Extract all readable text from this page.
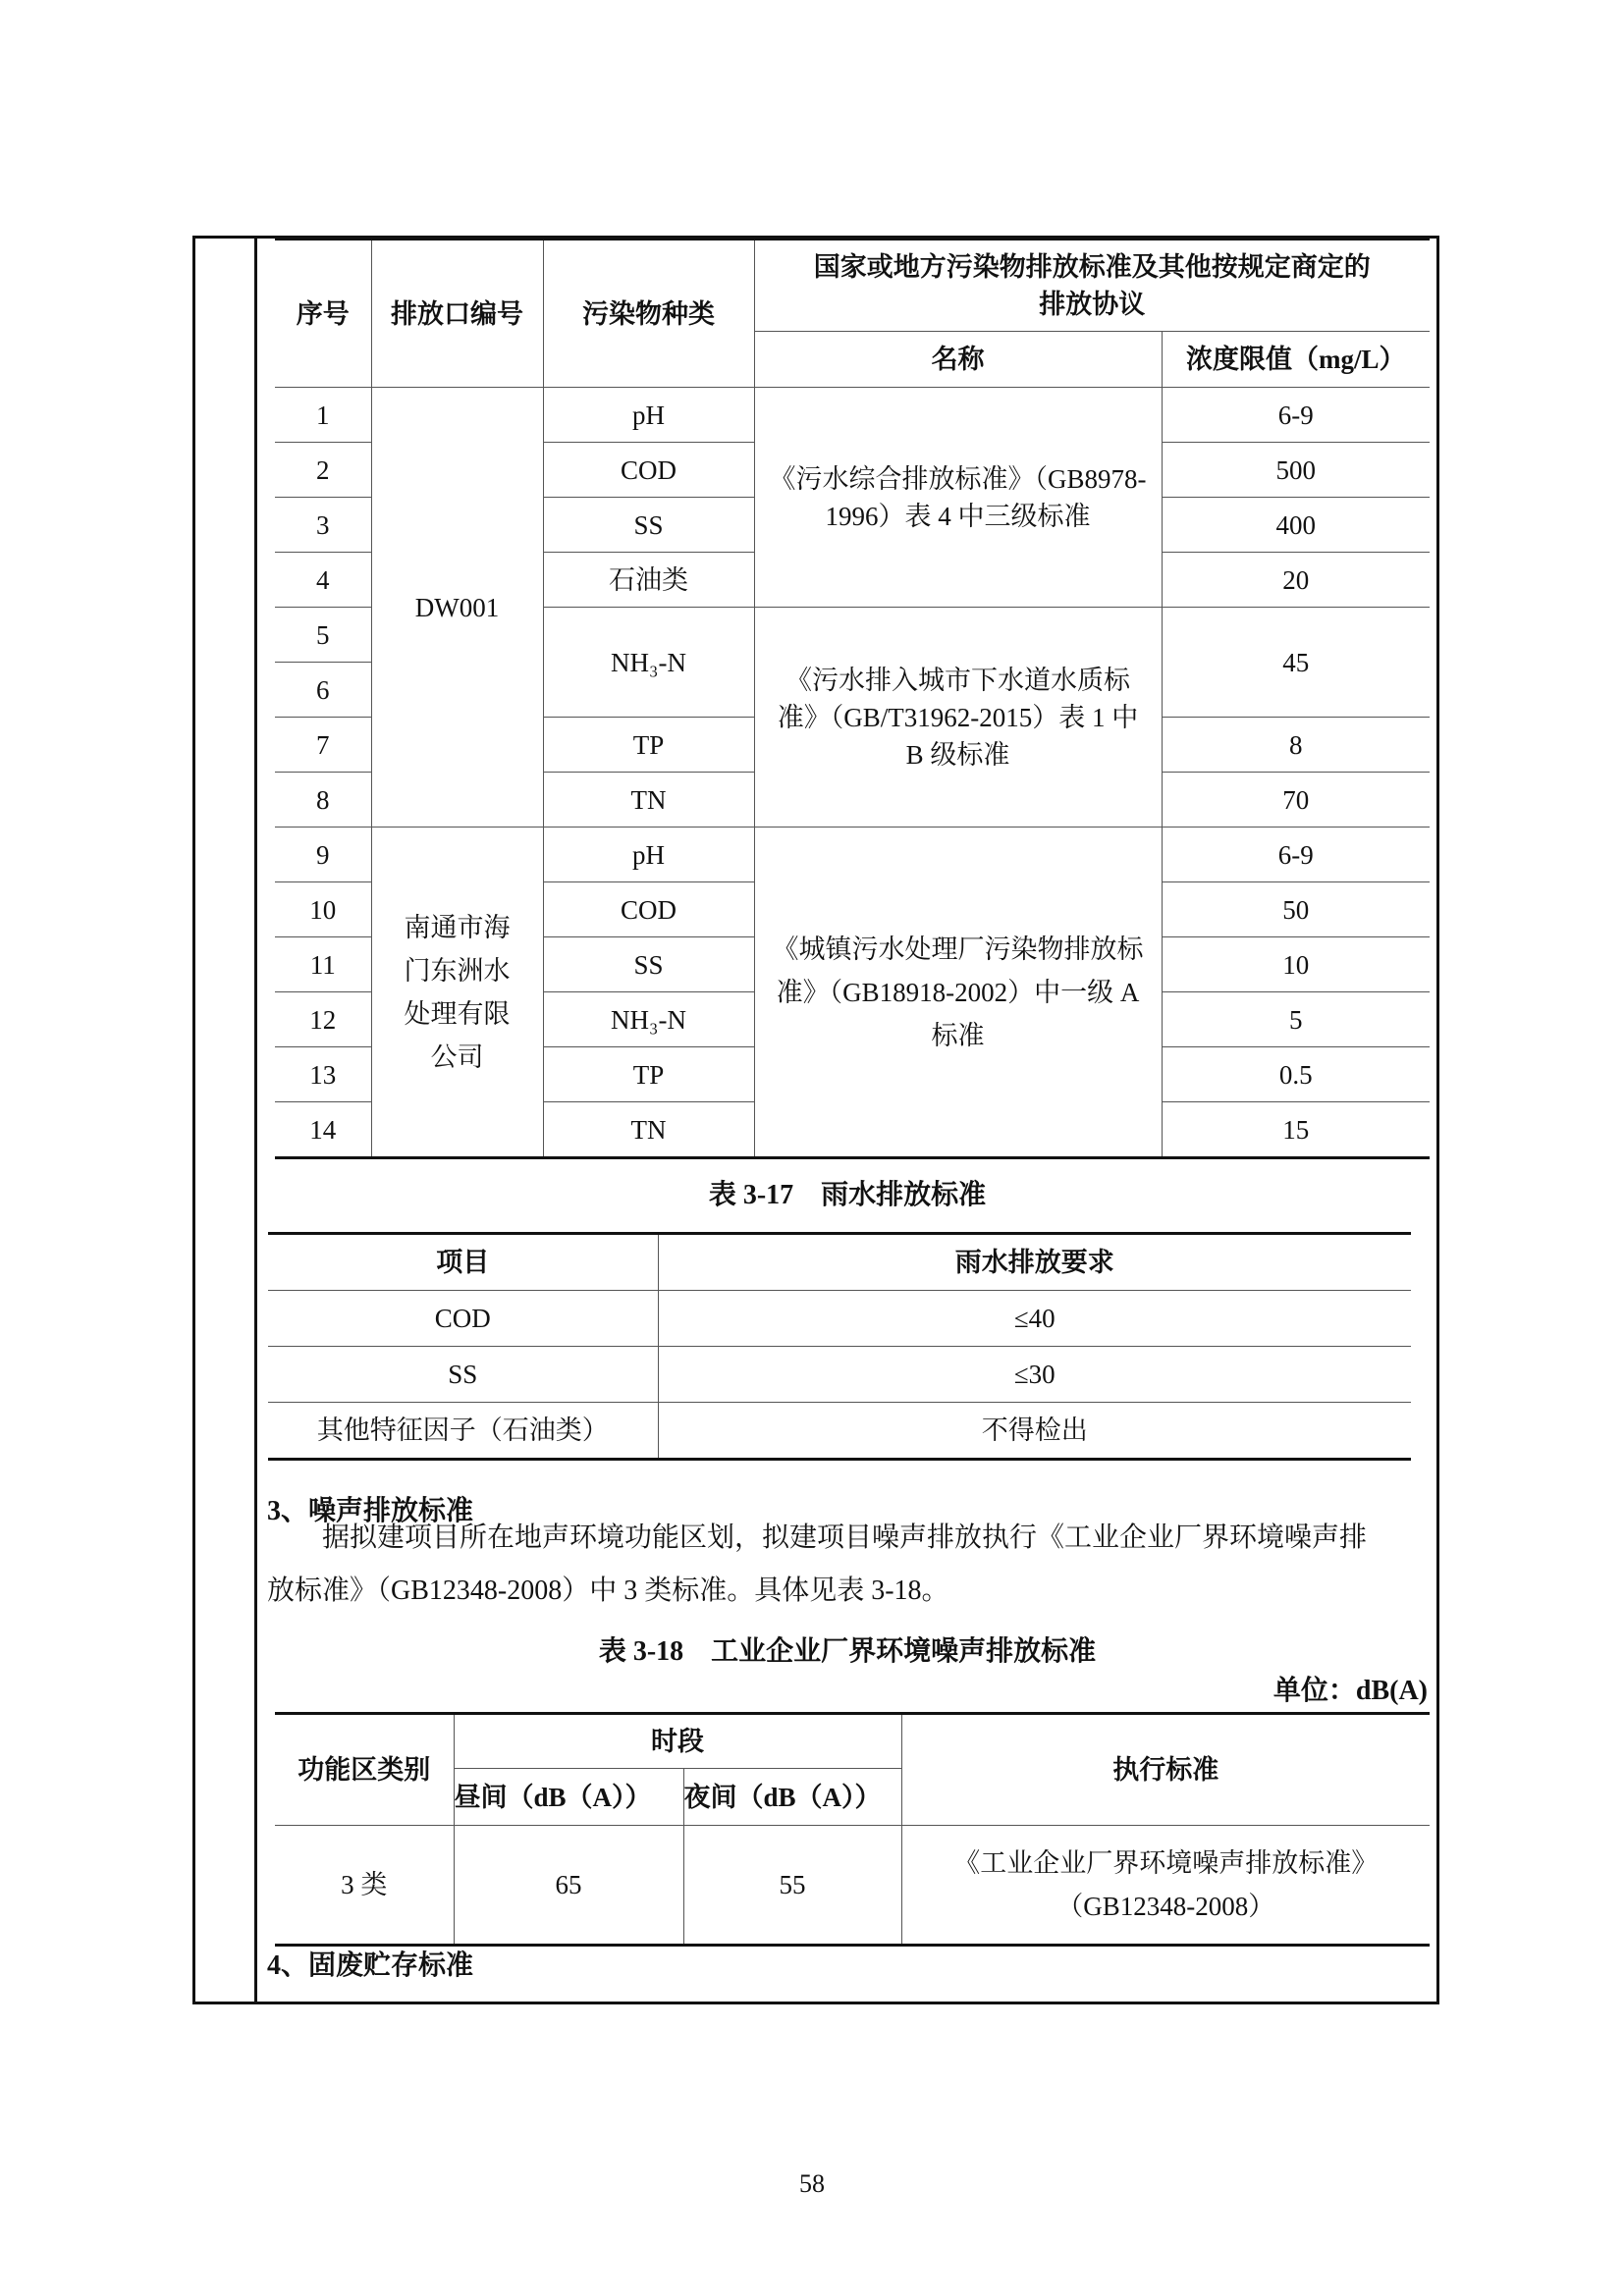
序号	排放口编号	污染物种类	国家或地方污染物排放标准及其他按规定商定的
排放协议	

			名称	浓度限值（mg/L）
1	DW001	pH	《污水综合排放标准》（GB8978-1996）表 4 中三级标准	6-9
2		COD		500
3		SS		400
4		石油类		20
5		NH₃-N	《污水排入城市下水道水质标准》（GB/T31962-2015）表 1 中 B 级标准	45
6				
7		TP		8
8		TN		70
9	南通市海门东洲水处理有限公司	pH	《城镇污水处理厂污染物排放标准》（GB18918-2002）中一级 A 标准	6-9
10		COD		50
11		SS		10
12		NH₃-N		5
13		TP		0.5
14		TN		15
表 3-17　雨水排放标准
项目	雨水排放要求
COD	≤40
SS	≤30
其他特征因子（石油类）	不得检出
3、噪声排放标准
据拟建项目所在地声环境功能区划，拟建项目噪声排放执行《工业企业厂界环境噪声排
放标准》（GB12348-2008）中 3 类标准。具体见表 3-18。
表 3-18　工业企业厂界环境噪声排放标准
单位：dB(A)
功能区类别	时段		执行标准
	昼间（dB（A））	夜间（dB（A））	
3 类	65	55	《工业企业厂界环境噪声排放标准》（GB12348-2008）
4、固废贮存标准
58
